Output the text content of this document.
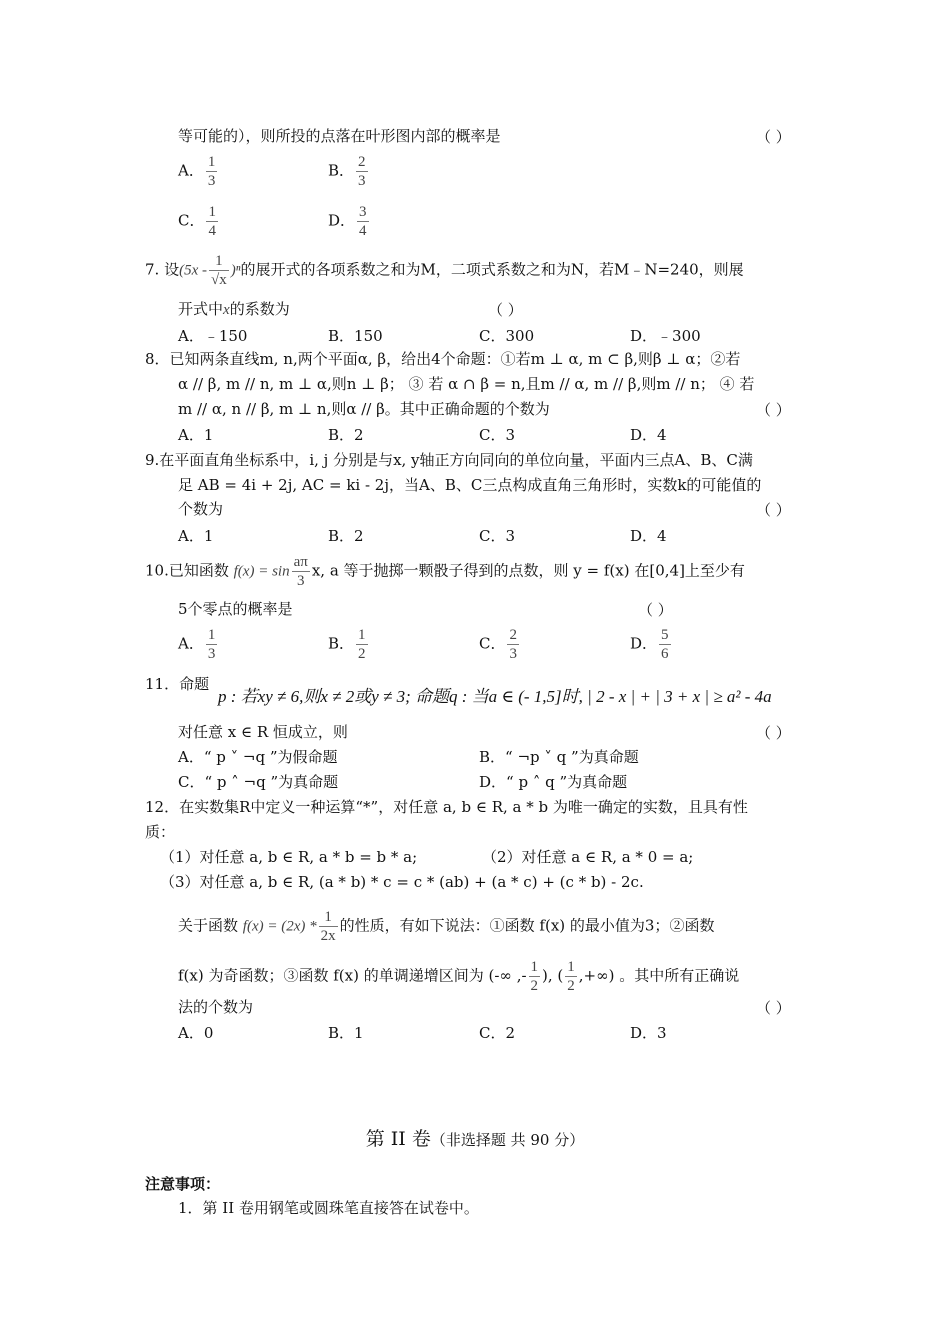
等可能的），则所投的点落在叶形图内部的概率是	（ ）
A． $\frac{1}{3}$	B． $\frac{2}{3}$
C． $\frac{1}{4}$	D． $\frac{3}{4}$
7. 设$(5x - \frac{1}{√x} )^n$的展开式的各项系数之和为M，二项式系数之和为N，若M﹣N=240，则展
开式中x的系数为	（ ）
A．﹣150	B．150	C．300	D．﹣300
8．已知两条直线m, n,两个平面α, β，给出4个命题：①若m ⊥ α, m ⊂ β,则β ⊥ α；②若
α // β, m // n, m ⊥ α,则n ⊥ β； ③ 若 α ∩ β = n,且m // α, m // β,则m // n； ④ 若
m // α, n // β, m ⊥ n,则α // β。其中正确命题的个数为	（ ）
A．1	B．2	C．3	D．4
9.在平面直角坐标系中，i, j 分别是与x, y轴正方向同向的单位向量，平面内三点A、B、C满
足 AB = 4i + 2j, AC = ki - 2j，当A、B、C三点构成直角三角形时，实数k的可能值的
个数为	（ ）
A．1	B．2	C．3	D．4
10.已知函数 $f(x) = \sin \frac{a\pi}{3} x$, a 等于抛掷一颗骰子得到的点数，则 y = f(x) 在[0,4]上至少有
5个零点的概率是	（ ）
A． $\frac{1}{3}$	B． $\frac{1}{2}$	C． $\frac{2}{3}$	D． $\frac{5}{6}$
11．命题
p : 若xy ≠ 6,则x ≠ 2或y ≠ 3; 命题q : 当a ∈ (- 1,5]时, | 2 - x | + | 3 + x | ≥ a² - 4a
对任意 x ∈ R 恒成立，则	（ ）
A．“ p ˅ ¬q ”为假命题	B．“ ¬p ˅ q ”为真命题
C．“ p ˄ ¬q ”为真命题	D．“ p ˄ q ”为真命题
12．在实数集R中定义一种运算“*”，对任意 a, b ∈ R, a * b 为唯一确定的实数，且具有性
质：
（1）对任意 a, b ∈ R, a * b = b * a;	（2）对任意 a ∈ R, a * 0 = a;
（3）对任意 a, b ∈ R, (a * b) * c = c * (ab) + (a * c) + (c * b) - 2c.
关于函数 $f(x) = (2x) * \frac{1}{2x}$ 的性质，有如下说法：①函数 f(x) 的最小值为3；②函数
f(x) 为奇函数；③函数 f(x) 的单调递增区间为 (-∞ ,- $\frac{1}{2}$ ), ( $\frac{1}{2}$ ,+∞) 。其中所有正确说
法的个数为	（ ）
A．0	B．1	C．2	D．3
第 II 卷（非选择题 共 90 分）
注意事项：
1．第 II 卷用钢笔或圆珠笔直接答在试卷中。
